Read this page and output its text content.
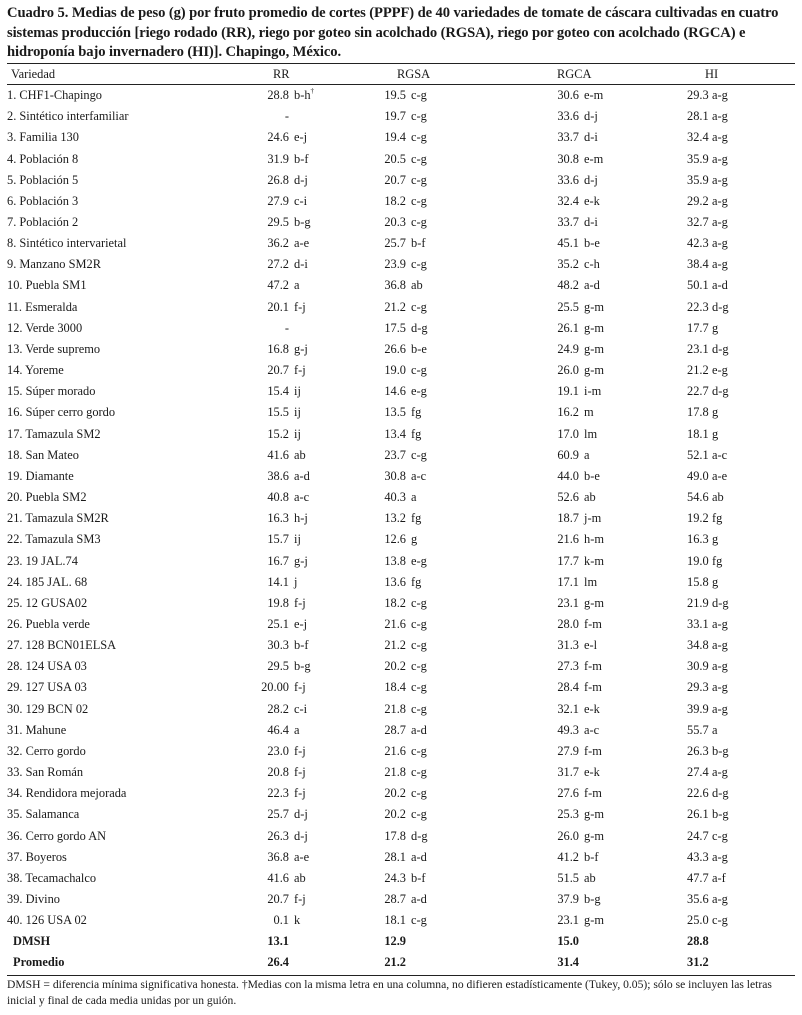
Cuadro 5. Medias de peso (g) por fruto promedio de cortes (PPPF) de 40 variedades de tomate de cáscara cultivadas en cuatro sistemas producción [riego rodado (RR), riego por goteo sin acolchado (RGSA), riego por goteo con acolchado (RGCA) e hidroponía bajo invernadero (HI)]. Chapingo, México.
Variedad	RR	RGSA	RGCA	HI
1. CHF1-Chapingo	28.8 b-h†	19.5 c-g	30.6 e-m	29.3 a-g

2. Sintético interfamiliar	-	19.7 c-g	33.6 d-j	28.1 a-g

3. Familia 130	24.6 e-j	19.4 c-g	33.7 d-i	32.4 a-g

4. Población 8	31.9 b-f	20.5 c-g	30.8 e-m	35.9 a-g

5. Población 5	26.8 d-j	20.7 c-g	33.6 d-j	35.9 a-g

6. Población 3	27.9 c-i	18.2 c-g	32.4 e-k	29.2 a-g

7. Población 2	29.5 b-g	20.3 c-g	33.7 d-i	32.7 a-g

8. Sintético intervarietal	36.2 a-e	25.7 b-f	45.1 b-e	42.3 a-g

9. Manzano SM2R	27.2 d-i	23.9 c-g	35.2 c-h	38.4 a-g

10. Puebla SM1	47.2 a	36.8 ab	48.2 a-d	50.1 a-d

11. Esmeralda	20.1 f-j	21.2 c-g	25.5 g-m	22.3 d-g

12. Verde 3000	-	17.5 d-g	26.1 g-m	17.7 g

13. Verde supremo	16.8 g-j	26.6 b-e	24.9 g-m	23.1 d-g

14. Yoreme	20.7 f-j	19.0 c-g	26.0 g-m	21.2 e-g

15. Súper morado	15.4 ij	14.6 e-g	19.1 i-m	22.7 d-g

16. Súper cerro gordo	15.5 ij	13.5 fg	16.2 m	17.8 g

17. Tamazula SM2	15.2 ij	13.4 fg	17.0 lm	18.1 g

18. San Mateo	41.6 ab	23.7 c-g	60.9 a	52.1 a-c

19. Diamante	38.6 a-d	30.8 a-c	44.0 b-e	49.0 a-e

20. Puebla SM2	40.8 a-c	40.3 a	52.6 ab	54.6 ab

21. Tamazula SM2R	16.3 h-j	13.2 fg	18.7 j-m	19.2 fg

22. Tamazula SM3	15.7 ij	12.6 g	21.6 h-m	16.3 g

23. 19 JAL.74	16.7 g-j	13.8 e-g	17.7 k-m	19.0 fg

24. 185 JAL. 68	14.1 j	13.6 fg	17.1 lm	15.8 g

25. 12 GUSA02	19.8 f-j	18.2 c-g	23.1 g-m	21.9 d-g

26. Puebla verde	25.1 e-j	21.6 c-g	28.0 f-m	33.1 a-g

27. 128 BCN01ELSA	30.3 b-f	21.2 c-g	31.3 e-l	34.8 a-g

28. 124 USA 03	29.5 b-g	20.2 c-g	27.3 f-m	30.9 a-g

29. 127 USA 03	20.00 f-j	18.4 c-g	28.4 f-m	29.3 a-g

30. 129 BCN 02	28.2 c-i	21.8 c-g	32.1 e-k	39.9 a-g

31. Mahune	46.4 a	28.7 a-d	49.3 a-c	55.7 a

32. Cerro gordo	23.0 f-j	21.6 c-g	27.9 f-m	26.3 b-g

33. San Román	20.8 f-j	21.8 c-g	31.7 e-k	27.4 a-g

34. Rendidora mejorada	22.3 f-j	20.2 c-g	27.6 f-m	22.6 d-g

35. Salamanca	25.7 d-j	20.2 c-g	25.3 g-m	26.1 b-g

36. Cerro gordo AN	26.3 d-j	17.8 d-g	26.0 g-m	24.7 c-g

37. Boyeros	36.8 a-e	28.1 a-d	41.2 b-f	43.3 a-g

38. Tecamachalco	41.6 ab	24.3 b-f	51.5 ab	47.7 a-f

39. Divino	20.7 f-j	28.7 a-d	37.9 b-g	35.6 a-g

40. 126 USA 02	0.1 k	18.1 c-g	23.1 g-m	25.0 c-g

DMSH	13.1	12.9	15.0	28.8

Promedio	26.4	21.2	31.4	31.2
DMSH = diferencia mínima significativa honesta. †Medias con la misma letra en una columna, no difieren estadísticamente (Tukey, 0.05); sólo se incluyen las letras inicial y final de cada media unidas por un guión.
